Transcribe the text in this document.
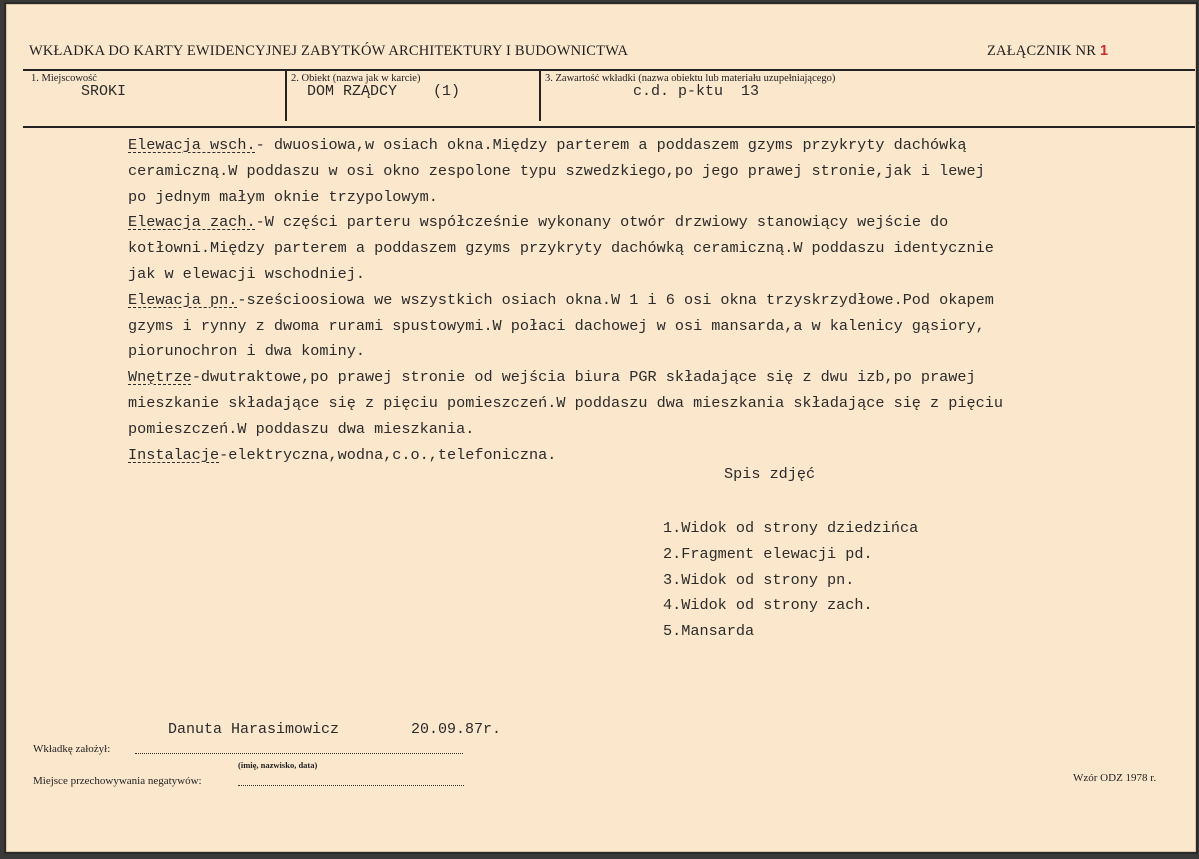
WKŁADKA DO KARTY EWIDENCYJNEJ ZABYTKÓW ARCHITEKTURY I BUDOWNICTWA	ZAŁĄCZNIK NR 1
1. Miejscowość
SROKI
2. Obiekt (nazwa jak w karcie)
DOM RZĄDCY    (1)
3. Zawartość wkładki (nazwa obiektu lub materiału uzupełniającego)
c.d. p-ktu  13

Elewacja wsch.- dwuosiowa,w osiach okna.Między parterem a poddaszem gzyms przykryty dachówką

ceramiczną.W poddaszu w osi okno zespolone typu szwedzkiego,po jego prawej stronie,jak i lewej

po jednym małym oknie trzypolowym.

Elewacja zach.-W części parteru współcześnie wykonany otwór drzwiowy stanowiący wejście do

kotłowni.Między parterem a poddaszem gzyms przykryty dachówką ceramiczną.W poddaszu identycznie

jak w elewacji wschodniej.

Elewacja pn.-sześcioosiowa we wszystkich osiach okna.W 1 i 6 osi okna trzyskrzydłowe.Pod okapem

gzyms i rynny z dwoma rurami spustowymi.W połaci dachowej w osi mansarda,a w kalenicy gąsiory,

piorunochron i dwa kominy.

Wnętrze-dwutraktowe,po prawej stronie od wejścia biura PGR składające się z dwu izb,po prawej

mieszkanie składające się z pięciu pomieszczeń.W poddaszu dwa mieszkania składające się z pięciu

pomieszczeń.W poddaszu dwa mieszkania.

Instalacje-elektryczna,wodna,c.o.,telefoniczna.

Spis zdjęć
1.Widok od strony dziedzińca
2.Fragment elewacji pd.
3.Widok od strony pn.
4.Widok od strony zach.
5.Mansarda
Danuta Harasimowicz	20.09.87r.
Wkładkę założył:
(imię, nazwisko, data)
Miejsce przechowywania negatywów:	Wzór ODZ 1978 r.
